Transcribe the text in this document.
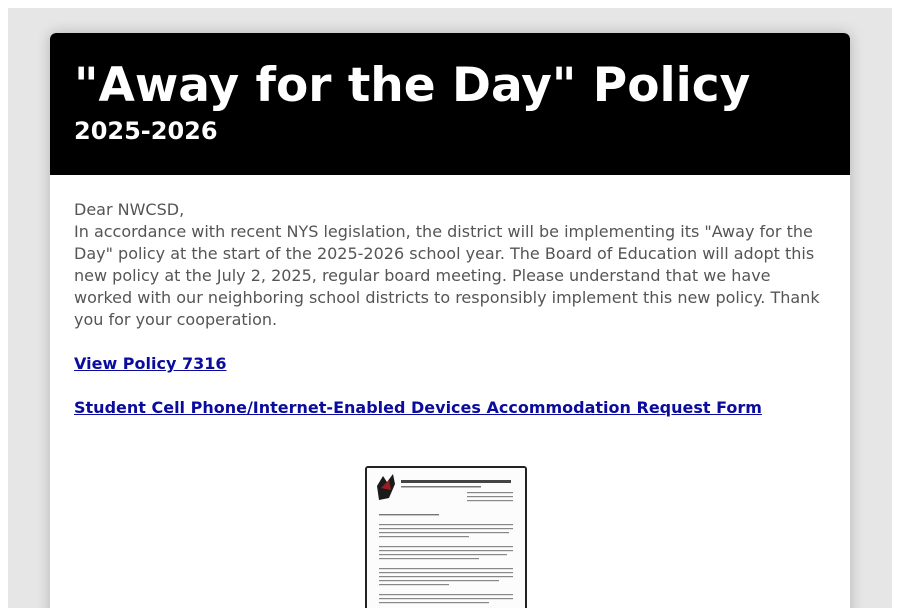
"Away for the Day" Policy
2025-2026

Dear NWCSD,

In accordance with recent NYS legislation, the district will be implementing its "Away for the Day" policy at the start of the 2025-2026 school year. The Board of Education will adopt this new policy at the July 2, 2025, regular board meeting. Please understand that we have worked with our neighboring school districts to responsibly implement this new policy. Thank you for your cooperation.

View Policy 7316
Student Cell Phone/Internet-Enabled Devices Accommodation Request Form
